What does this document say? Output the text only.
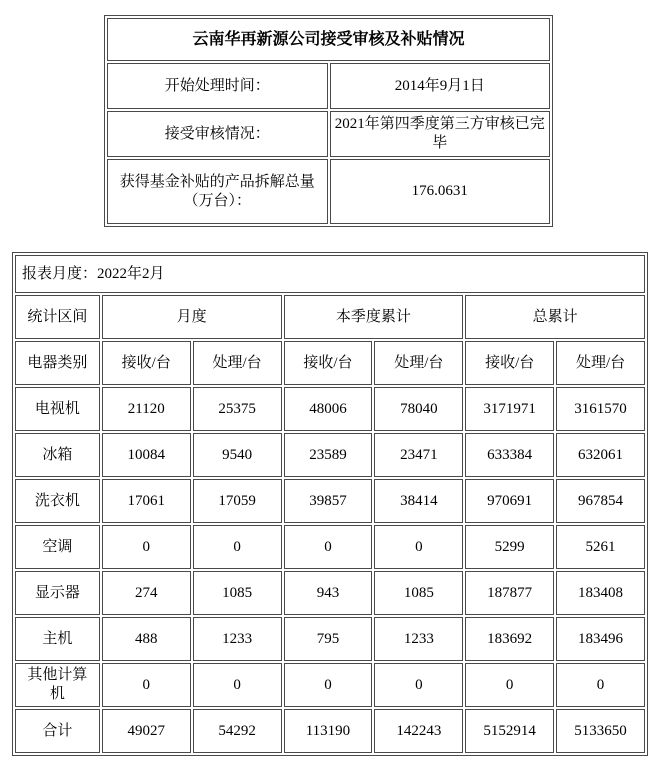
云南华再新源公司接受审核及补贴情况	
开始处理时间：	2014年9月1日
接受审核情况：	2021年第四季度第三方审核已完毕
获得基金补贴的产品拆解总量（万台）：	176.0631
报表月度：2022年2月						
统计区间	月度		本季度累计		总累计	
电器类别	接收/台	处理/台	接收/台	处理/台	接收/台	处理/台
电视机	21120	25375	48006	78040	3171971	3161570
冰箱	10084	9540	23589	23471	633384	632061
洗衣机	17061	17059	39857	38414	970691	967854
空调	0	0	0	0	5299	5261
显示器	274	1085	943	1085	187877	183408
主机	488	1233	795	1233	183692	183496
其他计算机	0	0	0	0	0	0
合计	49027	54292	113190	142243	5152914	5133650
